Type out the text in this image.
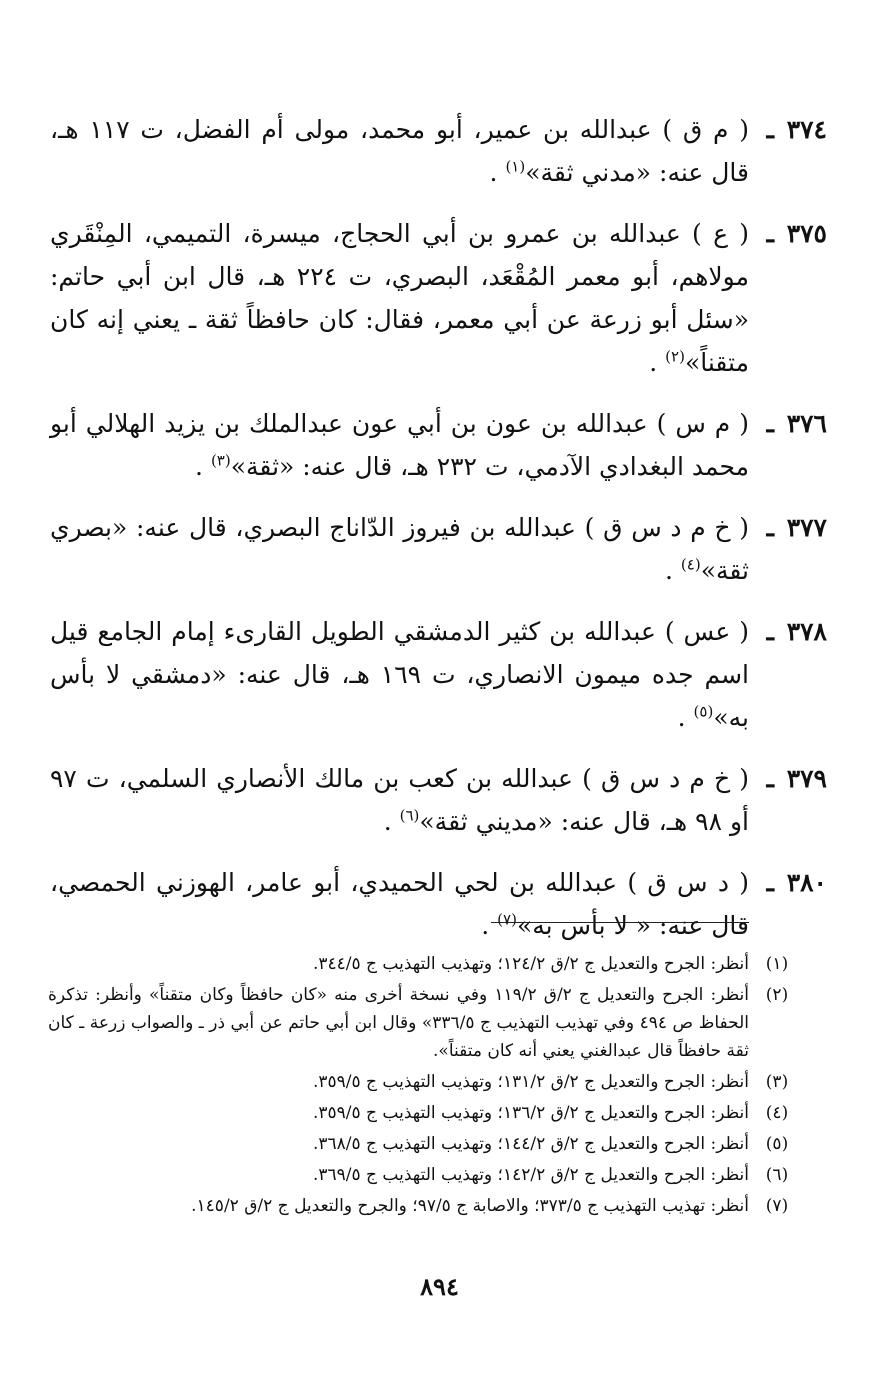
٣٧٤ ـ
( م ق ) عبدالله بن عمير، أبو محمد، مولى أم الفضل، ت ١١٧ هـ، قال عنه: «مدني ثقة»$^{(١)}$ .
٣٧٥ ـ
( ع ) عبدالله بن عمرو بن أبي الحجاج، ميسرة، التميمي، المِنْقَري مولاهم، أبو معمر المُقْعَد، البصري، ت ٢٢٤ هـ، قال ابن أبي حاتم: «سئل أبو زرعة عن أبي معمر، فقال: كان حافظاً ثقة ـ يعني إنه كان متقناً»$^{(٢)}$ .
٣٧٦ ـ
( م س ) عبدالله بن عون بن أبي عون عبدالملك بن يزيد الهلالي أبو محمد البغدادي الآدمي، ت ٢٣٢ هـ، قال عنه: «ثقة»$^{(٣)}$ .
٣٧٧ ـ
( خ م د س ق ) عبدالله بن فيروز الدّاناج البصري، قال عنه: «بصري ثقة»$^{(٤)}$ .
٣٧٨ ـ
( عس ) عبدالله بن كثير الدمشقي الطويل القارىء إمام الجامع قيل اسم جده ميمون الانصاري، ت ١٦٩ هـ، قال عنه: «دمشقي لا بأس به»$^{(٥)}$ .
٣٧٩ ـ
( خ م د س ق ) عبدالله بن كعب بن مالك الأنصاري السلمي، ت ٩٧ أو ٩٨ هـ، قال عنه: «مديني ثقة»$^{(٦)}$ .
٣٨٠ ـ
( د س ق ) عبدالله بن لحي الحميدي، أبو عامر، الهوزني الحمصي، قال عنه: « لا بأس به»$^{(٧)}$ .
(١)
أنظر: الجرح والتعديل ج ٢/ق ١٢٤/٢؛ وتهذيب التهذيب ج ٣٤٤/٥.
(٢)
أنظر: الجرح والتعديل ج ٢/ق ١١٩/٢ وفي نسخة أخرى منه «كان حافظاً وكان متقناً» وأنظر: تذكرة الحفاظ ص ٤٩٤ وفي تهذيب التهذيب ج ٣٣٦/٥» وقال ابن أبي حاتم عن أبي ذر ـ والصواب زرعة ـ كان ثقة حافظاً قال عبدالغني يعني أنه كان متقناً».
(٣)
أنظر: الجرح والتعديل ج ٢/ق ١٣١/٢؛ وتهذيب التهذيب ج ٣٥٩/٥.
(٤)
أنظر: الجرح والتعديل ج ٢/ق ١٣٦/٢؛ وتهذيب التهذيب ج ٣٥٩/٥.
(٥)
أنظر: الجرح والتعديل ج ٢/ق ١٤٤/٢؛ وتهذيب التهذيب ج ٣٦٨/٥.
(٦)
أنظر: الجرح والتعديل ج ٢/ق ١٤٢/٢؛ وتهذيب التهذيب ج ٣٦٩/٥.
(٧)
أنظر: تهذيب التهذيب ج ٣٧٣/٥؛ والاصابة ج ٩٧/٥؛ والجرح والتعديل ج ٢/ق ١٤٥/٢.
٨٩٤
